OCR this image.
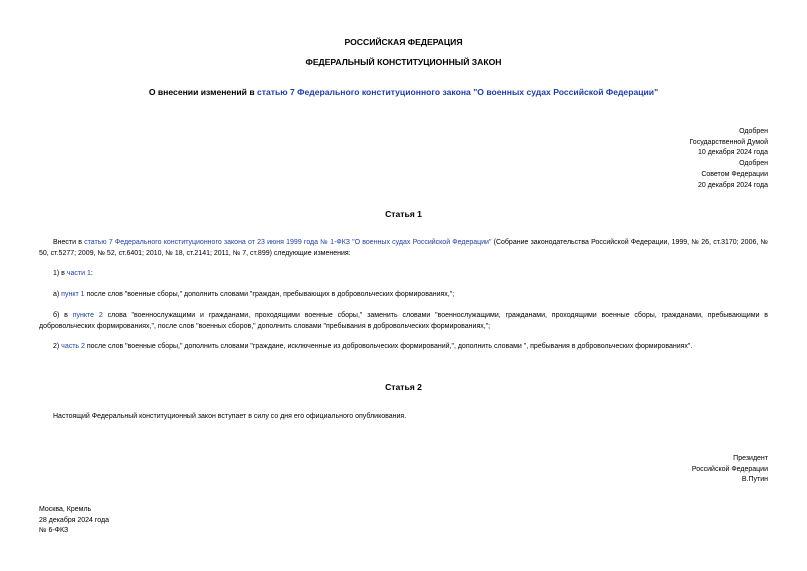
РОССИЙСКАЯ ФЕДЕРАЦИЯ
ФЕДЕРАЛЬНЫЙ КОНСТИТУЦИОННЫЙ ЗАКОН
О внесении изменений в статью 7 Федерального конституционного закона "О военных судах Российской Федерации"
Одобрен
Государственной Думой
10 декабря 2024 года
Одобрен
Советом Федерации
20 декабря 2024 года
Статья 1
Внести в статью 7 Федерального конституционного закона от 23 июня 1999 года № 1-ФКЗ "О военных судах Российской Федерации" (Собрание законодательства Российской Федерации, 1999, № 26, ст.3170; 2006, № 50, ст.5277; 2009, № 52, ст.6401; 2010, № 18, ст.2141; 2011, № 7, ст.899) следующие изменения:
1) в части 1:
а) пункт 1 после слов "военные сборы," дополнить словами "граждан, пребывающих в добровольческих формированиях,";
б) в пункте 2 слова "военнослужащими и гражданами, проходящими военные сборы," заменить словами "военнослужащими, гражданами, проходящими военные сборы, гражданами, пребывающими в добровольческих формированиях,", после слов "военных сборов," дополнить словами "пребывания в добровольческих формированиях,";
2) часть 2 после слов "военные сборы," дополнить словами "граждане, исключенные из добровольческих формирований,", дополнить словами ", пребывания в добровольческих формированиях".
Статья 2
Настоящий Федеральный конституционный закон вступает в силу со дня его официального опубликования.
Президент
Российской Федерации
В.Путин
Москва, Кремль
28 декабря 2024 года
№ 6-ФКЗ
